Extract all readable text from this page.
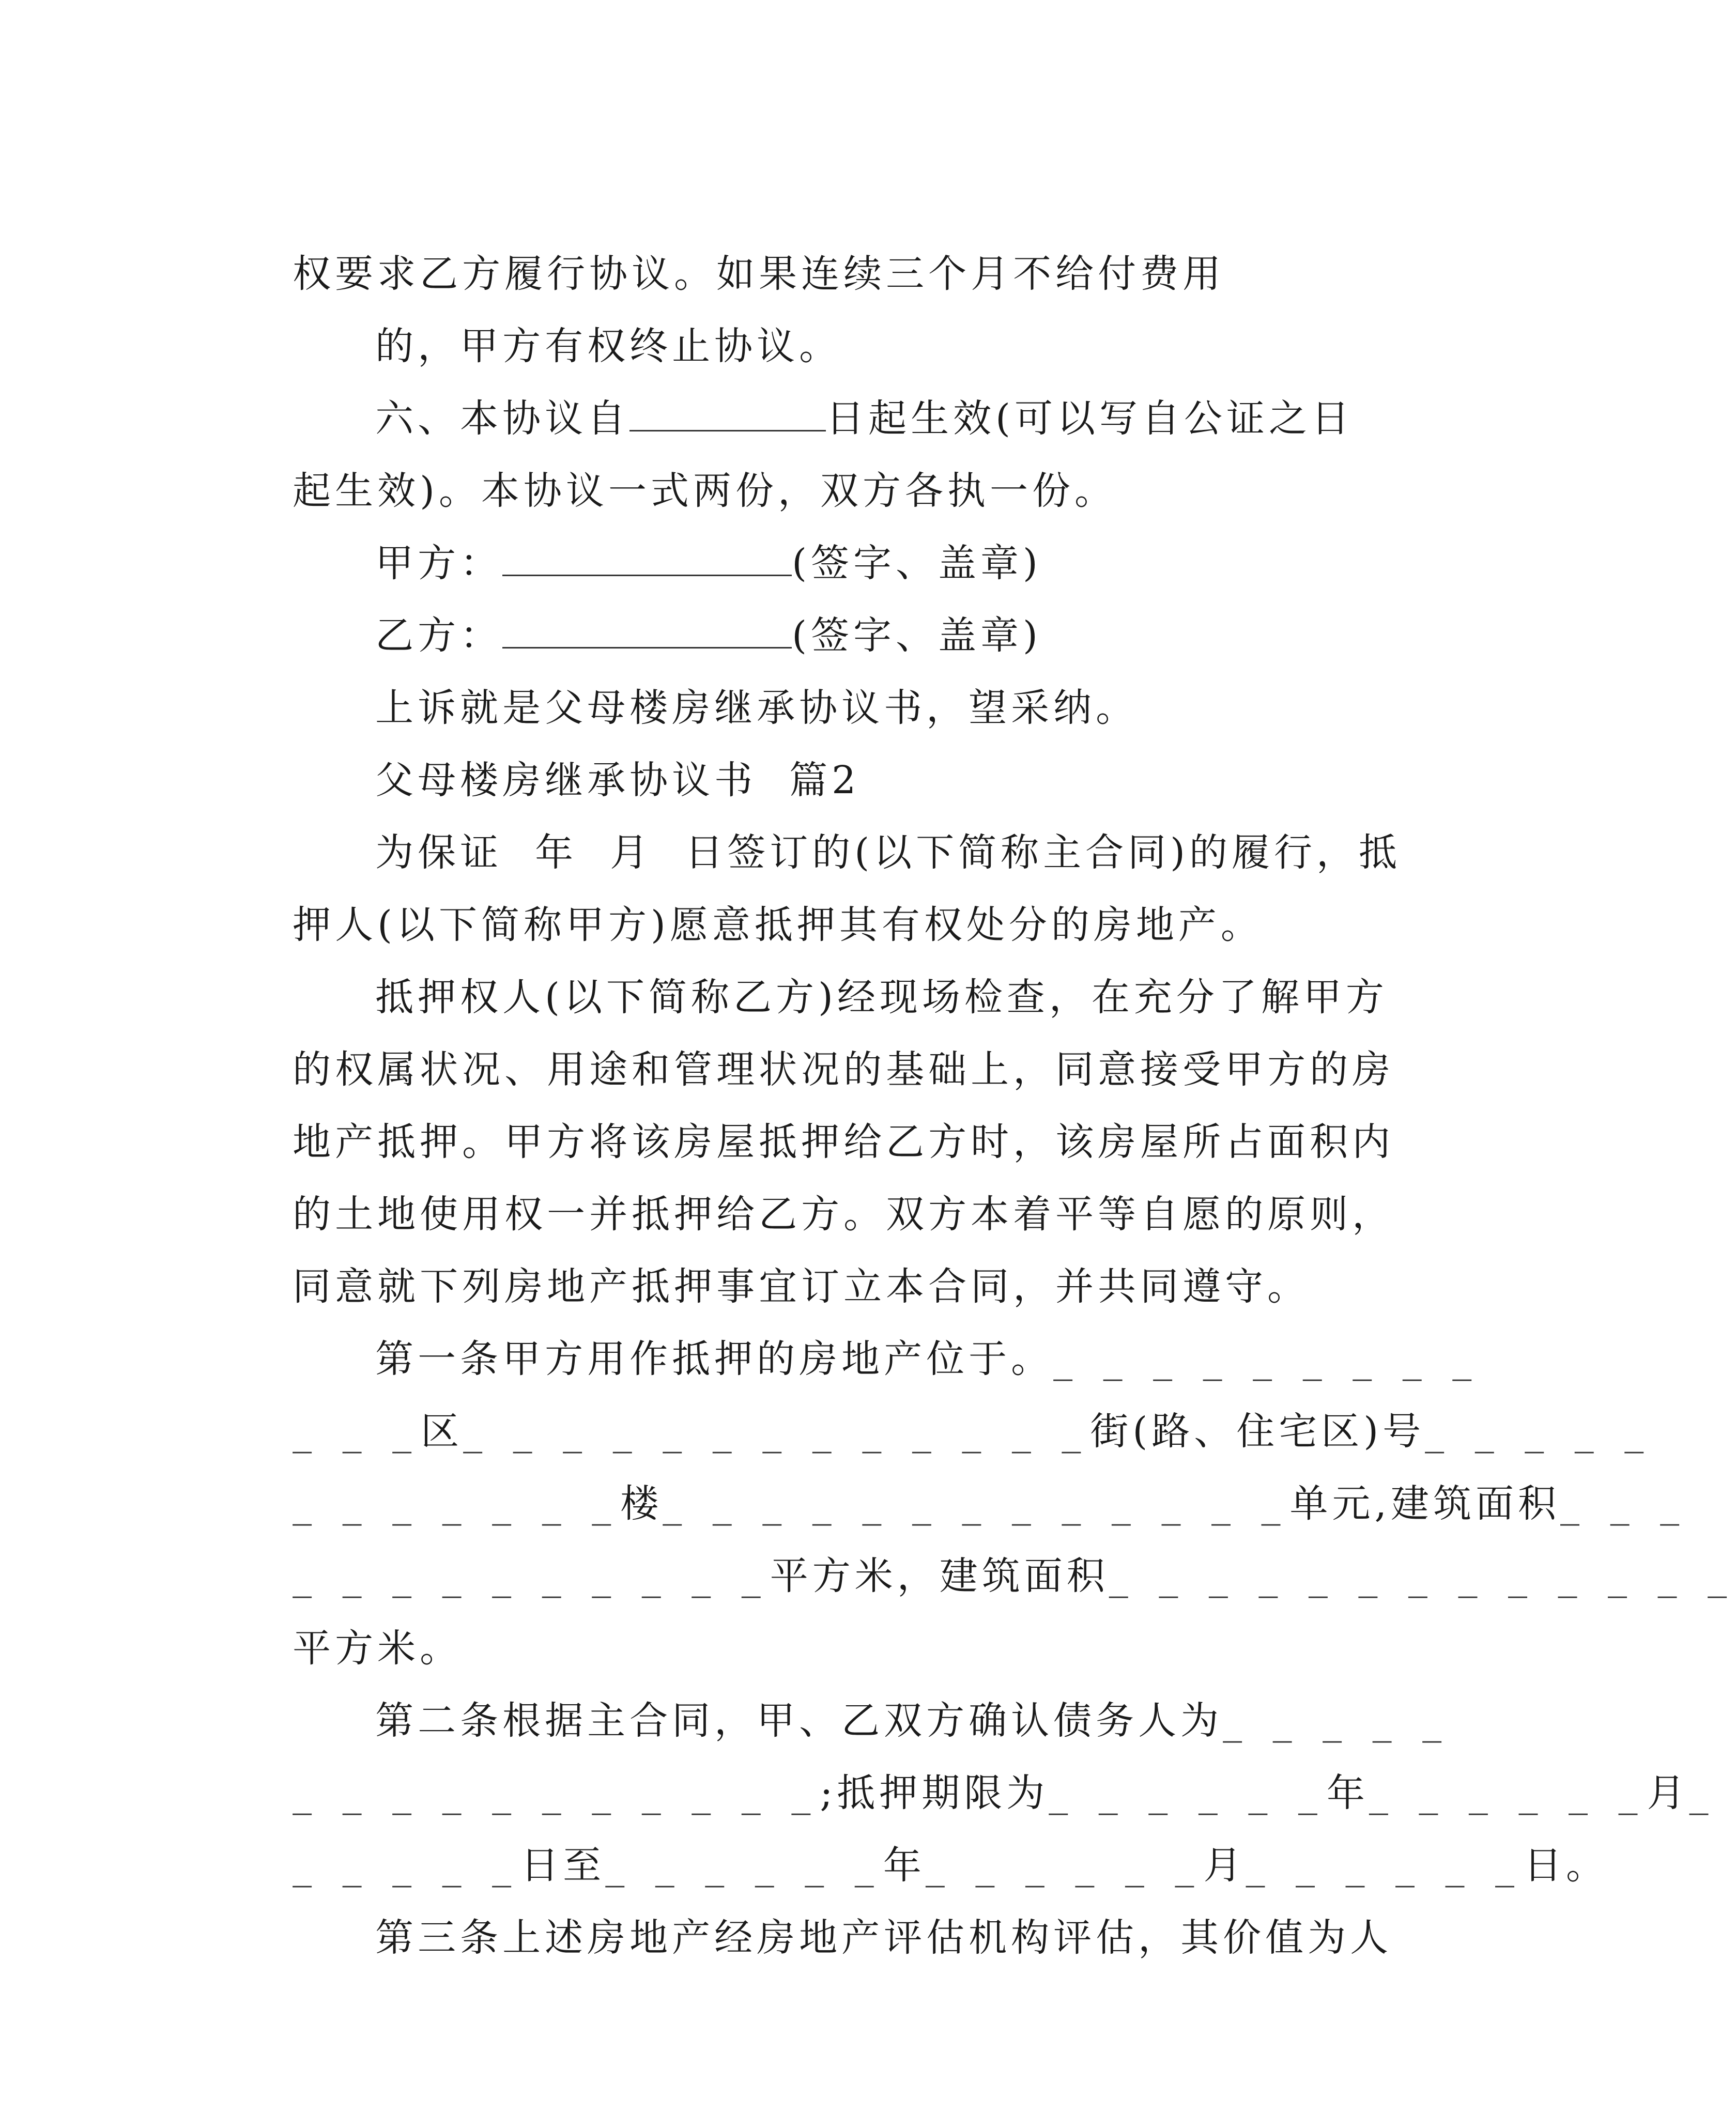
权要求乙方履行协议。如果连续三个月不给付费用

的，甲方有权终止协议。

六、本协议自	日起生效(可以写自公证之日

起生效)。本协议一式两份，双方各执一份。

甲方：	(签字、盖章)

乙方：	(签字、盖章)

上诉就是父母楼房继承协议书，望采纳。

父母楼房继承协议书  篇2

为保证  年  月  日签订的(以下简称主合同)的履行，抵

押人(以下简称甲方)愿意抵押其有权处分的房地产。

抵押权人(以下简称乙方)经现场检查，在充分了解甲方

的权属状况、用途和管理状况的基础上，同意接受甲方的房

地产抵押。甲方将该房屋抵押给乙方时，该房屋所占面积内

的土地使用权一并抵押给乙方。双方本着平等自愿的原则，

同意就下列房地产抵押事宜订立本合同，并共同遵守。

第一条甲方用作抵押的房地产位于。_ _ _ _ _ _ _ _ _

_ _ _区_ _ _ _ _ _ _ _ _ _ _ _ _街(路、住宅区)号_ _ _ _ _

_ _ _ _ _ _ _楼_ _ _ _ _ _ _ _ _ _ _ _ _单元,建筑面积_ _ _

_ _ _ _ _ _ _ _ _ _平方米，建筑面积_ _ _ _ _ _ _ _ _ _ _ _ _

平方米。

第二条根据主合同，甲、乙双方确认债务人为_ _ _ _ _

_ _ _ _ _ _ _ _ _ _ _;抵押期限为_ _ _ _ _ _年_ _ _ _ _ _月_

_ _ _ _ _日至_ _ _ _ _ _年_ _ _ _ _ _月_ _ _ _ _ _日。

第三条上述房地产经房地产评估机构评估，其价值为人
